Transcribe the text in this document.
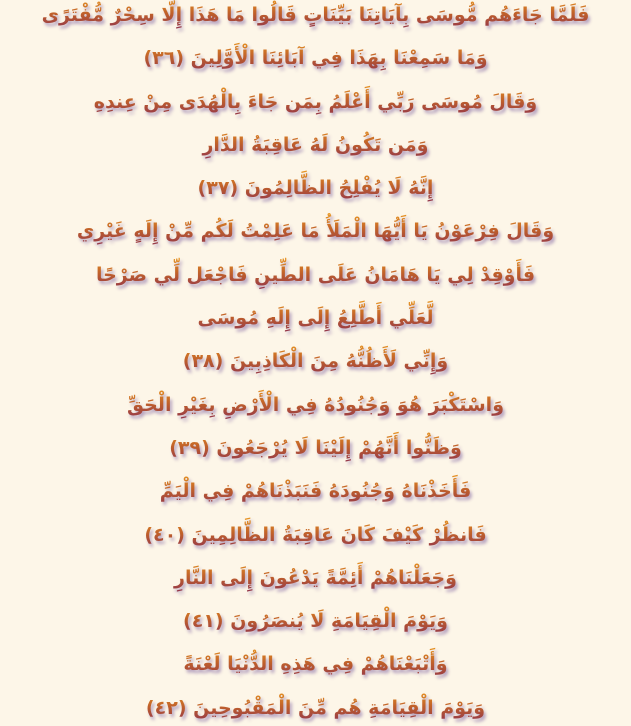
فَلَمَّا جَاءَهُم مُّوسَى بِآيَاتِنَا بَيِّنَاتٍ قَالُوا مَا هَذَا إِلَّا سِحْرٌ مُّفْتَرًى
وَمَا سَمِعْنَا بِهَذَا فِي آبَائِنَا الْأَوَّلِينَ (٣٦)
وَقَالَ مُوسَى رَبِّي أَعْلَمُ بِمَن جَاءَ بِالْهُدَى مِنْ عِندِهِ
وَمَن تَكُونُ لَهُ عَاقِبَةُ الدَّارِ
إِنَّهُ لَا يُفْلِحُ الظَّالِمُونَ (٣٧)
وَقَالَ فِرْعَوْنُ يَا أَيُّهَا الْمَلَأُ مَا عَلِمْتُ لَكُم مِّنْ إِلَهٍ غَيْرِي
فَأَوْقِدْ لِي يَا هَامَانُ عَلَى الطِّينِ فَاجْعَل لِّي صَرْحًا
لَّعَلِّي أَطَّلِعُ إِلَى إِلَهِ مُوسَى
وَإِنِّي لَأَظُنُّهُ مِنَ الْكَاذِبِينَ (٣٨)
وَاسْتَكْبَرَ هُوَ وَجُنُودُهُ فِي الْأَرْضِ بِغَيْرِ الْحَقِّ
وَظَنُّوا أَنَّهُمْ إِلَيْنَا لَا يُرْجَعُونَ (٣٩)
فَأَخَذْنَاهُ وَجُنُودَهُ فَنَبَذْنَاهُمْ فِي الْيَمِّ
فَانظُرْ كَيْفَ كَانَ عَاقِبَةُ الظَّالِمِينَ (٤٠)
وَجَعَلْنَاهُمْ أَئِمَّةً يَدْعُونَ إِلَى النَّارِ
وَيَوْمَ الْقِيَامَةِ لَا يُنصَرُونَ (٤١)
وَأَتْبَعْنَاهُمْ فِي هَذِهِ الدُّنْيَا لَعْنَةً
وَيَوْمَ الْقِيَامَةِ هُم مِّنَ الْمَقْبُوحِينَ (٤٢)
